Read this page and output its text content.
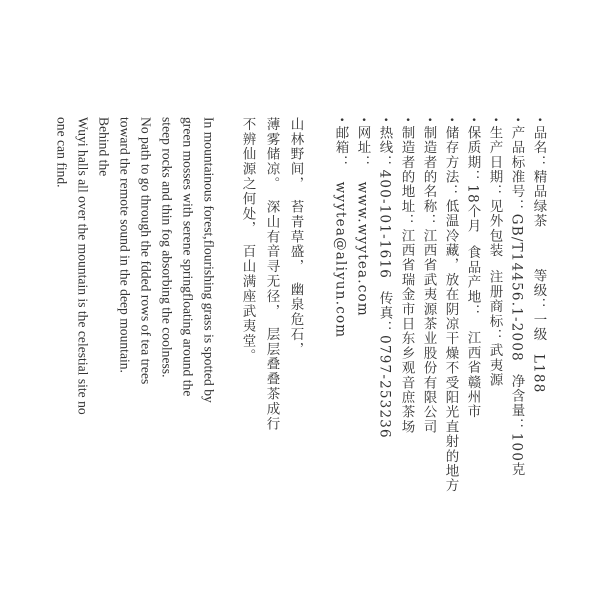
•品名：精品绿茶等级：一级L188
•产品标准号：GB/T14456.1-2008净含量：100克
•生产日期：见外包装注册商标：武夷源
•保质期：18个月食品产地：江西省赣州市
•储存方法：低温冷藏，放在阴凉干燥不受阳光直射的地方
•制造者的名称：江西省武夷源茶业股份有限公司
•制造者的地址：江西省瑞金市日东乡观音庶茶场
•热线：400-101-1616传真：0797-253236
•网址：www.wyytea.com
•邮箱：wyytea@aliyun.com
山林野间，　苔青草盛，　幽泉危石，
薄雾储凉。　深山有音寻无径，　层层叠叠茶成行
不辨仙源之何处，　百山满座武夷堂。
In mountainous forest,flourishing grass is spotted by
green mosses with serene springfloating around the
steep rocks and thin fog absorbing the coolness.
No path to go through the fdded rows of tea trees
toward the remote sound in the deep mountain.
Behind the
Wuyi halls all over the mountain is the celestial site no
one can find.
